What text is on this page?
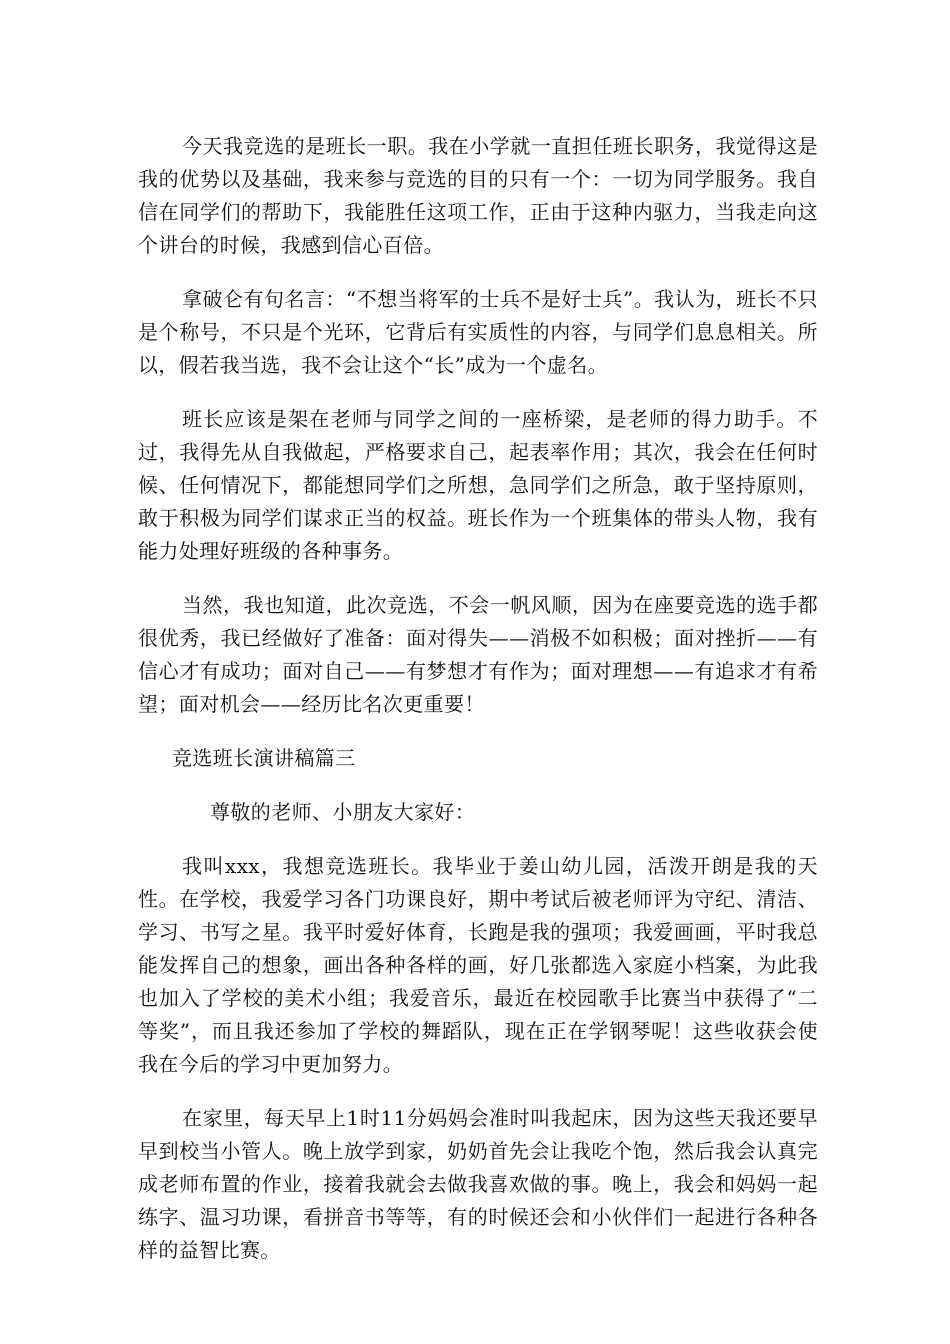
今天我竞选的是班长一职。我在小学就一直担任班长职务，我觉得这是我的优势以及基础，我来参与竞选的目的只有一个：一切为同学服务。我自信在同学们的帮助下，我能胜任这项工作，正由于这种内驱力，当我走向这个讲台的时候，我感到信心百倍。

拿破仑有句名言：“不想当将军的士兵不是好士兵”。我认为，班长不只是个称号，不只是个光环，它背后有实质性的内容，与同学们息息相关。所以，假若我当选，我不会让这个“长”成为一个虚名。

班长应该是架在老师与同学之间的一座桥梁，是老师的得力助手。不过，我得先从自我做起，严格要求自己，起表率作用；其次，我会在任何时候、任何情况下，都能想同学们之所想，急同学们之所急，敢于坚持原则，敢于积极为同学们谋求正当的权益。班长作为一个班集体的带头人物，我有能力处理好班级的各种事务。

当然，我也知道，此次竞选，不会一帆风顺，因为在座要竞选的选手都很优秀，我已经做好了准备：面对得失——消极不如积极；面对挫折——有信心才有成功；面对自己——有梦想才有作为；面对理想——有追求才有希望；面对机会——经历比名次更重要！

竞选班长演讲稿篇三

尊敬的老师、小朋友大家好：

我叫xxx，我想竞选班长。我毕业于姜山幼儿园，活泼开朗是我的天性。在学校，我爱学习各门功课良好，期中考试后被老师评为守纪、清洁、学习、书写之星。我平时爱好体育，长跑是我的强项；我爱画画，平时我总能发挥自己的想象，画出各种各样的画，好几张都选入家庭小档案，为此我也加入了学校的美术小组；我爱音乐，最近在校园歌手比赛当中获得了“二等奖”，而且我还参加了学校的舞蹈队，现在正在学钢琴呢！这些收获会使我在今后的学习中更加努力。

在家里，每天早上1时11分妈妈会准时叫我起床，因为这些天我还要早早到校当小管人。晚上放学到家，奶奶首先会让我吃个饱，然后我会认真完成老师布置的作业，接着我就会去做我喜欢做的事。晚上，我会和妈妈一起练字、温习功课，看拼音书等等，有的时候还会和小伙伴们一起进行各种各样的益智比赛。
